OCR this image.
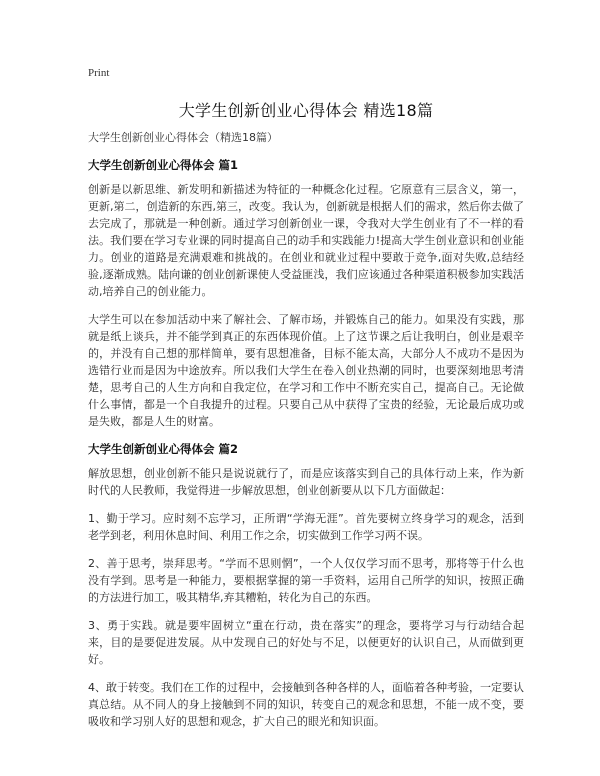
Print
大学生创新创业心得体会 精选18篇
大学生创新创业心得体会（精选18篇）
大学生创新创业心得体会 篇1

创新是以新思维、新发明和新描述为特征的一种概念化过程。它原意有三层含义，第一，更新,第二，创造新的东西,第三，改变。我认为，创新就是根据人们的需求，然后你去做了去完成了，那就是一种创新。通过学习创新创业一课，令我对大学生创业有了不一样的看法。我们要在学习专业课的同时提高自己的动手和实践能力!提高大学生创业意识和创业能力。创业的道路是充满艰难和挑战的。在创业和就业过程中要敢于竞争,面对失败,总结经验,逐渐成熟。陆向谦的创业创新课使人受益匪浅，我们应该通过各种渠道积极参加实践活动,培养自己的创业能力。

大学生可以在参加活动中来了解社会、了解市场，并锻炼自己的能力。如果没有实践，那就是纸上谈兵，并不能学到真正的东西体现价值。上了这节课之后让我明白，创业是艰辛的，并没有自己想的那样简单，要有思想准备，目标不能太高，大部分人不成功不是因为选错行业而是因为中途放弃。所以我们大学生在卷入创业热潮的同时，也要深刻地思考清楚，思考自己的人生方向和自我定位，在学习和工作中不断充实自己，提高自己。无论做什么事情，都是一个自我提升的过程。只要自己从中获得了宝贵的经验，无论最后成功或是失败，都是人生的财富。

大学生创新创业心得体会 篇2

解放思想，创业创新不能只是说说就行了，而是应该落实到自己的具体行动上来，作为新时代的人民教师，我觉得进一步解放思想，创业创新要从以下几方面做起：

1、勤于学习。应时刻不忘学习，正所谓“学海无涯”。首先要树立终身学习的观念，活到老学到老，利用休息时间、利用工作之余，切实做到工作学习两不误。

2、善于思考，崇拜思考。“学而不思则惘”，一个人仅仅学习而不思考，那将等于什么也没有学到。思考是一种能力，要根据掌握的第一手资料，运用自己所学的知识，按照正确的方法进行加工，吸其精华,弃其糟粕，转化为自己的东西。

3、勇于实践。就是要牢固树立“重在行动，贵在落实”的理念，要将学习与行动结合起来，目的是要促进发展。从中发现自己的好处与不足，以便更好的认识自己，从而做到更好。

4、敢于转变。我们在工作的过程中，会接触到各种各样的人，面临着各种考验，一定要认真总结。从不同人的身上接触到不同的知识，转变自己的观念和思想，不能一成不变，要吸收和学习别人好的思想和观念，扩大自己的眼光和知识面。
